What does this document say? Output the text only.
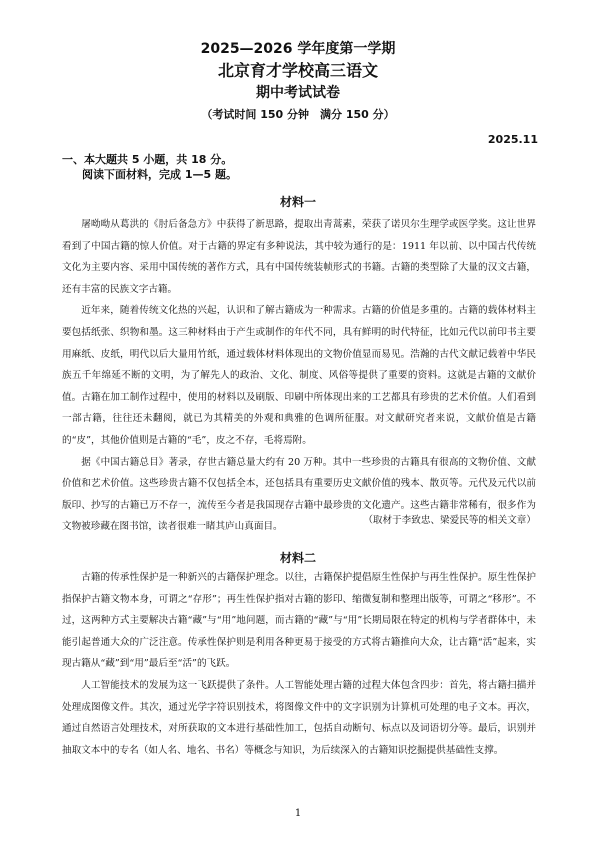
2025—2026 学年度第一学期
北京育才学校高三语文
期中考试试卷
（考试时间 150 分钟　满分 150 分）
2025.11
一、本大题共 5 小题，共 18 分。
阅读下面材料，完成 1—5 题。
材料一

屠呦呦从葛洪的《肘后备急方》中获得了新思路，提取出青蒿素，荣获了诺贝尔生理学或医学奖。这让世界看到了中国古籍的惊人价值。对于古籍的界定有多种说法，其中较为通行的是：1911 年以前、以中国古代传统文化为主要内容、采用中国传统的著作方式，具有中国传统装帧形式的书籍。古籍的类型除了大量的汉文古籍，还有丰富的民族文字古籍。

近年来，随着传统文化热的兴起，认识和了解古籍成为一种需求。古籍的价值是多重的。古籍的载体材料主要包括纸张、织物和墨。这三种材料由于产生或制作的年代不同，具有鲜明的时代特征，比如元代以前印书主要用麻纸、皮纸，明代以后大量用竹纸，通过载体材料体现出的文物价值显而易见。浩瀚的古代文献记载着中华民族五千年绵延不断的文明，为了解先人的政治、文化、制度、风俗等提供了重要的资料。这就是古籍的文献价值。古籍在加工制作过程中，使用的材料以及刷版、印刷中所体现出来的工艺都具有珍贵的艺术价值。人们看到一部古籍，往往还未翻阅，就已为其精美的外观和典雅的色调所征服。对文献研究者来说，文献价值是古籍的“皮”，其他价值则是古籍的“毛”，皮之不存，毛将焉附。

据《中国古籍总目》著录，存世古籍总量大约有 20 万种。其中一些珍贵的古籍具有很高的文物价值、文献价值和艺术价值。这些珍贵古籍不仅包括全本，还包括具有重要历史文献价值的残本、散页等。元代及元代以前版印、抄写的古籍已万不存一，流传至今者是我国现存古籍中最珍贵的文化遗产。这些古籍非常稀有，很多作为文物被珍藏在图书馆，读者很难一睹其庐山真面目。

（取材于李致忠、梁爱民等的相关文章）
材料二

古籍的传承性保护是一种新兴的古籍保护理念。以往，古籍保护提倡原生性保护与再生性保护。原生性保护指保护古籍文物本身，可谓之“存形”；再生性保护指对古籍的影印、缩微复制和整理出版等，可谓之“移形”。不过，这两种方式主要解决古籍“藏”与“用”地问题，而古籍的“藏”与“用”长期局限在特定的机构与学者群体中，未能引起普通大众的广泛注意。传承性保护则是利用各种更易于接受的方式将古籍推向大众，让古籍“活”起来，实现古籍从“藏”到“用”最后至“活”的飞跃。

人工智能技术的发展为这一飞跃提供了条件。人工智能处理古籍的过程大体包含四步：首先，将古籍扫描并处理成图像文件。其次，通过光学字符识别技术，将图像文件中的文字识别为计算机可处理的电子文本。再次，通过自然语言处理技术，对所获取的文本进行基础性加工，包括自动断句、标点以及词语切分等。最后，识别并抽取文本中的专名（如人名、地名、书名）等概念与知识，为后续深入的古籍知识挖掘提供基础性支撑。

1
